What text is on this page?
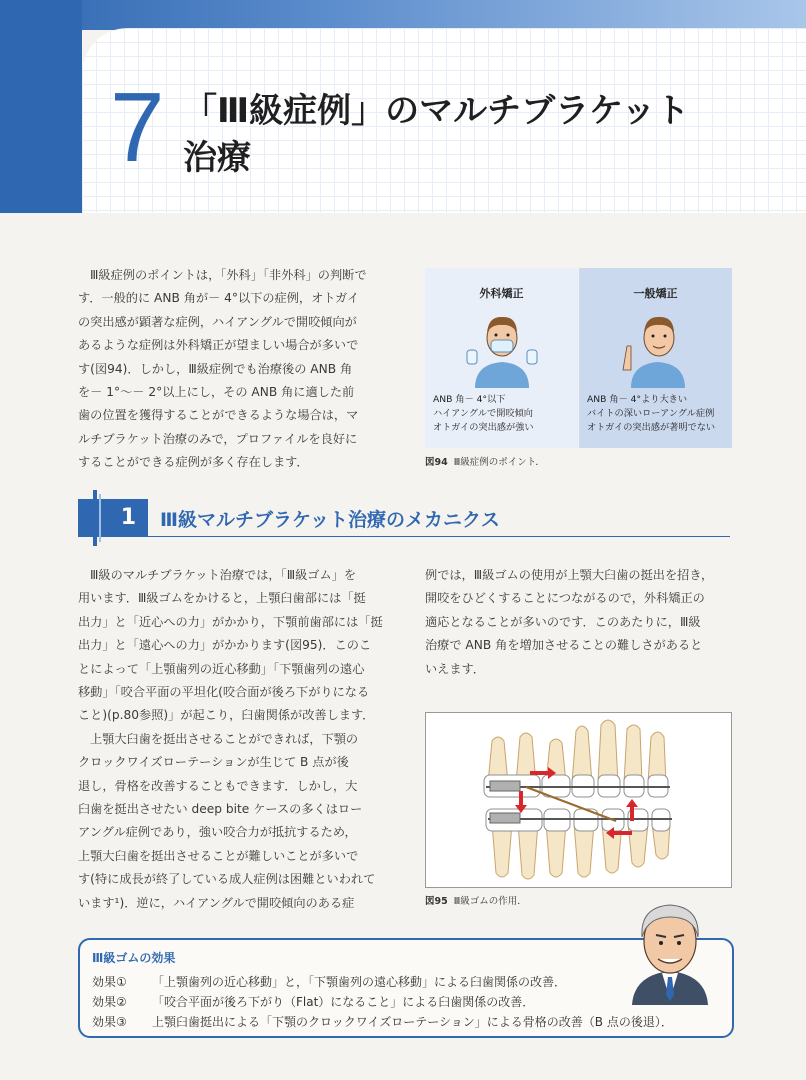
7 「Ⅲ級症例」のマルチブラケット
治療
Ⅲ級症例のポイントは，「外科」「非外科」の判断で
す．一般的に ANB 角が－ 4°以下の症例，オトガイ
の突出感が顕著な症例，ハイアングルで開咬傾向が
あるような症例は外科矯正が望ましい場合が多いで
す(図94)．しかし，Ⅲ級症例でも治療後の ANB 角
を－ 1°～－ 2°以上にし，その ANB 角に適した前
歯の位置を獲得することができるような場合は，マ
ルチブラケット治療のみで，プロファイルを良好に
することができる症例が多く存在します．
外科矯正
ANB 角－ 4°以下
ハイアングルで開咬傾向
オトガイの突出感が強い
一般矯正
ANB 角－ 4°より大きい
バイトの深いローアングル症例
オトガイの突出感が著明でない
図94 Ⅲ級症例のポイント．
1	Ⅲ級マルチブラケット治療のメカニクス
Ⅲ級のマルチブラケット治療では，「Ⅲ級ゴム」を
用います．Ⅲ級ゴムをかけると，上顎臼歯部には「挺
出力」と「近心への力」がかかり，下顎前歯部には「挺
出力」と「遠心への力」がかかります(図95)．このこ
とによって「上顎歯列の近心移動」「下顎歯列の遠心
移動」「咬合平面の平坦化(咬合面が後ろ下がりになる
こと)(p.80参照)」が起こり，臼歯関係が改善します．
上顎大臼歯を挺出させることができれば，下顎の
クロックワイズローテーションが生じて B 点が後
退し，骨格を改善することもできます．しかし，大
臼歯を挺出させたい deep bite ケースの多くはロー
アングル症例であり，強い咬合力が抵抗するため，
上顎大臼歯を挺出させることが難しいことが多いで
す(特に成長が終了している成人症例は困難といわれて
います¹)．逆に，ハイアングルで開咬傾向のある症
例では，Ⅲ級ゴムの使用が上顎大臼歯の挺出を招き，
開咬をひどくすることにつながるので，外科矯正の
適応となることが多いのです．このあたりに，Ⅲ級
治療で ANB 角を増加させることの難しさがあると
いえます．
図95 Ⅲ級ゴムの作用．
Ⅲ級ゴムの効果
効果① 「上顎歯列の近心移動」と，「下顎歯列の遠心移動」による臼歯関係の改善．
効果② 「咬合平面が後ろ下がり（Flat）になること」による臼歯関係の改善．
効果③ 上顎臼歯挺出による「下顎のクロックワイズローテーション」による骨格の改善（B 点の後退）．
